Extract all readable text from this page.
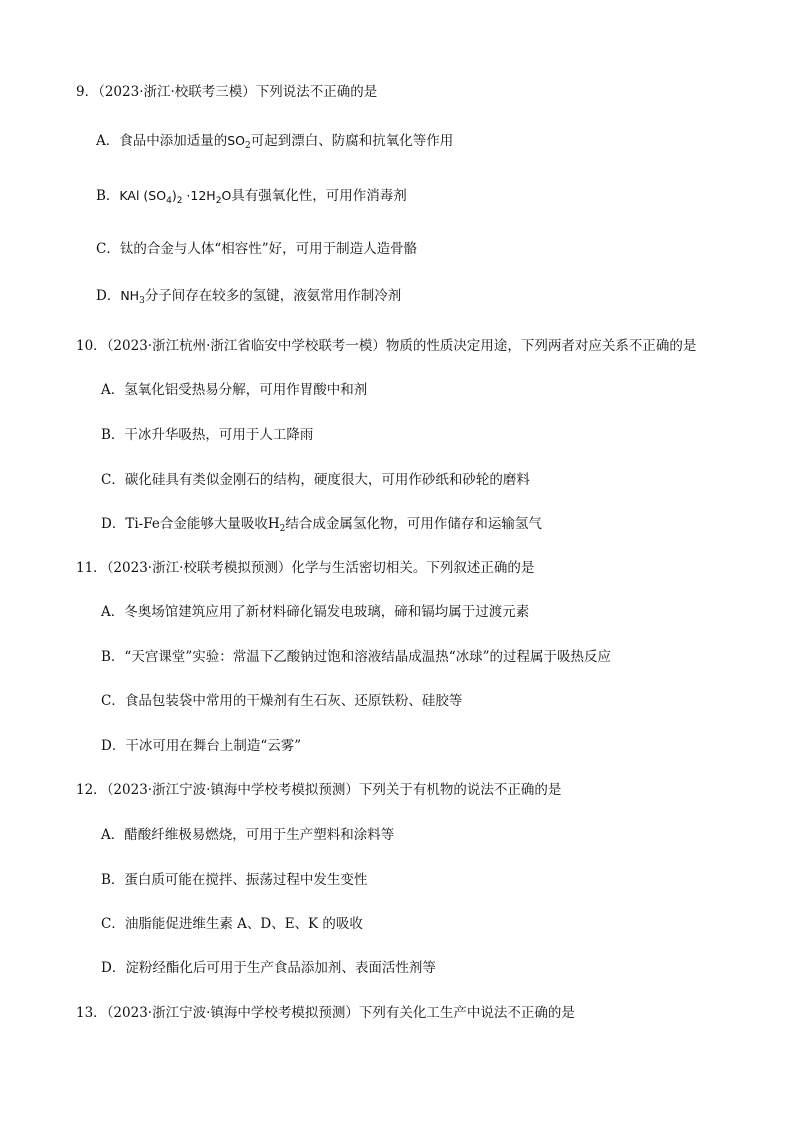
9．（2023·浙江·校联考三模）下列说法不正确的是
A．食品中添加适量的$SO_2$可起到漂白、防腐和抗氧化等作用
B．KAl $(SO_4)_2 \cdot 12H_2O$具有强氧化性，可用作消毒剂
C．钛的合金与人体“相容性”好，可用于制造人造骨骼
D．$NH_3$分子间存在较多的氢键，液氨常用作制冷剂
10．（2023·浙江杭州·浙江省临安中学校联考一模）物质的性质决定用途，下列两者对应关系不正确的是
A．氢氧化铝受热易分解，可用作胃酸中和剂
B．干冰升华吸热，可用于人工降雨
C．碳化硅具有类似金刚石的结构，硬度很大，可用作砂纸和砂轮的磨料
D．Ti-Fe合金能够大量吸收$H_2$结合成金属氢化物，可用作储存和运输氢气
11．（2023·浙江·校联考模拟预测）化学与生活密切相关。下列叙述正确的是
A．冬奥场馆建筑应用了新材料碲化镉发电玻璃，碲和镉均属于过渡元素
B．“天宫课堂”实验：常温下乙酸钠过饱和溶液结晶成温热“冰球”的过程属于吸热反应
C．食品包装袋中常用的干燥剂有生石灰、还原铁粉、硅胶等
D．干冰可用在舞台上制造“云雾”
12．（2023·浙江宁波·镇海中学校考模拟预测）下列关于有机物的说法不正确的是
A．醋酸纤维极易燃烧，可用于生产塑料和涂料等
B．蛋白质可能在搅拌、振荡过程中发生变性
C．油脂能促进维生素 A、D、E、K 的吸收
D．淀粉经酯化后可用于生产食品添加剂、表面活性剂等
13．（2023·浙江宁波·镇海中学校考模拟预测）下列有关化工生产中说法不正确的是
